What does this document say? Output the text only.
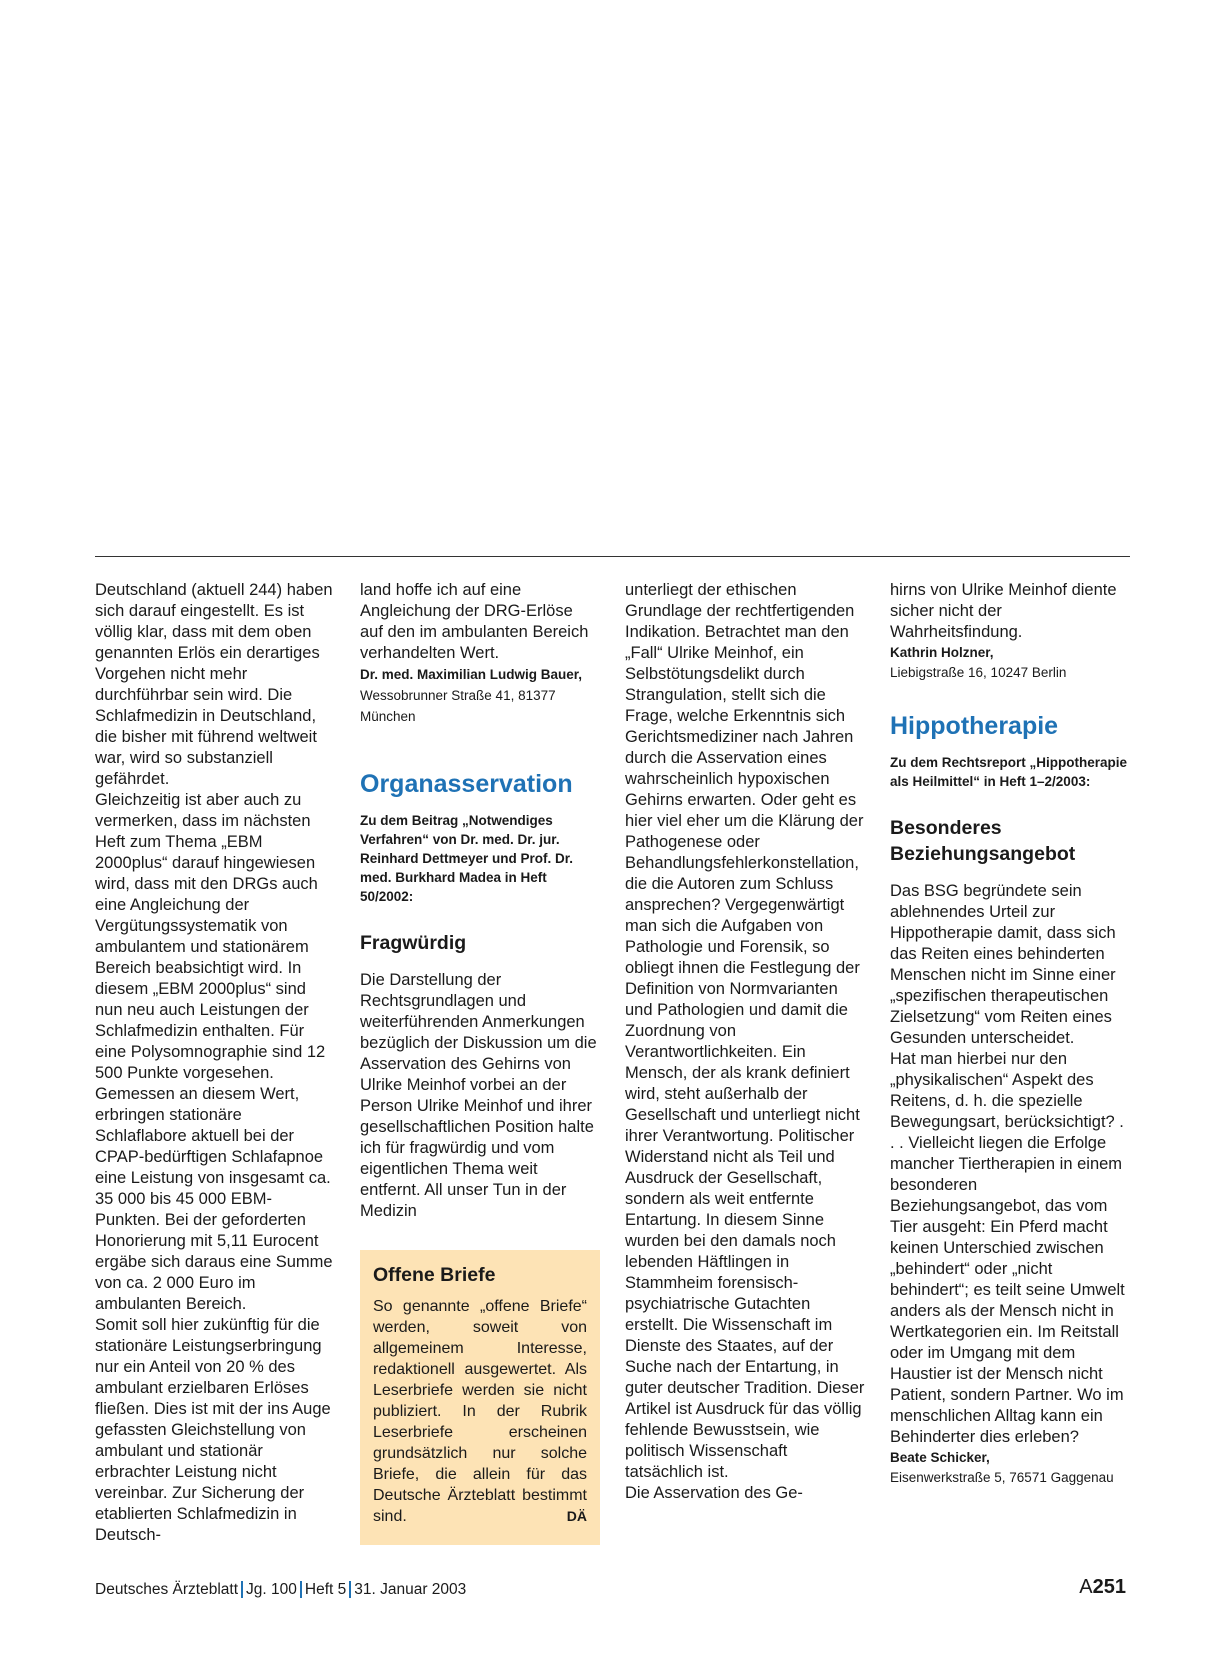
Deutschland (aktuell 244) haben sich darauf eingestellt. Es ist völlig klar, dass mit dem oben genannten Erlös ein derartiges Vorgehen nicht mehr durchführbar sein wird. Die Schlafmedizin in Deutschland, die bisher mit führend weltweit war, wird so substanziell gefährdet.

Gleichzeitig ist aber auch zu vermerken, dass im nächsten Heft zum Thema „EBM 2000plus“ darauf hingewiesen wird, dass mit den DRGs auch eine Angleichung der Vergütungssystematik von ambulantem und stationärem Bereich beabsichtigt wird. In diesem „EBM 2000plus“ sind nun neu auch Leistungen der Schlafmedizin enthalten. Für eine Polysomnographie sind 12 500 Punkte vorgesehen. Gemessen an diesem Wert, erbringen stationäre Schlaflabore aktuell bei der CPAP-bedürftigen Schlafapnoe eine Leistung von insgesamt ca. 35 000 bis 45 000 EBM-Punkten. Bei der geforderten Honorierung mit 5,11 Eurocent ergäbe sich daraus eine Summe von ca. 2 000 Euro im ambulanten Bereich.

Somit soll hier zukünftig für die stationäre Leistungserbringung nur ein Anteil von 20 % des ambulant erzielbaren Erlöses fließen. Dies ist mit der ins Auge gefassten Gleichstellung von ambulant und stationär erbrachter Leistung nicht vereinbar. Zur Sicherung der etablierten Schlafmedizin in Deutsch-

land hoffe ich auf eine Angleichung der DRG-Erlöse auf den im ambulanten Bereich verhandelten Wert.

Dr. med. Maximilian Ludwig Bauer, Wessobrunner Straße 41, 81377 München
Organasservation

Zu dem Beitrag „Notwendiges Verfahren“ von Dr. med. Dr. jur. Reinhard Dettmeyer und Prof. Dr. med. Burkhard Madea in Heft 50/2002:

Fragwürdig

Die Darstellung der Rechtsgrundlagen und weiterführenden Anmerkungen bezüglich der Diskussion um die Asservation des Gehirns von Ulrike Meinhof vorbei an der Person Ulrike Meinhof und ihrer gesellschaftlichen Position halte ich für fragwürdig und vom eigentlichen Thema weit entfernt. All unser Tun in der Medizin

Offene Briefe

So genannte „offene Briefe“ werden, soweit von allgemeinem Interesse, redaktionell ausgewertet. Als Leserbriefe werden sie nicht publiziert. In der Rubrik Leserbriefe erscheinen grundsätzlich nur solche Briefe, die allein für das Deutsche Ärzteblatt bestimmt sind.	DÄ

unterliegt der ethischen Grundlage der rechtfertigenden Indikation. Betrachtet man den „Fall“ Ulrike Meinhof, ein Selbstötungsdelikt durch Strangulation, stellt sich die Frage, welche Erkenntnis sich Gerichtsmediziner nach Jahren durch die Asservation eines wahrscheinlich hypoxischen Gehirns erwarten. Oder geht es hier viel eher um die Klärung der Pathogenese oder Behandlungsfehlerkonstellation, die die Autoren zum Schluss ansprechen? Vergegenwärtigt man sich die Aufgaben von Pathologie und Forensik, so obliegt ihnen die Festlegung der Definition von Normvarianten und Pathologien und damit die Zuordnung von Verantwortlichkeiten. Ein Mensch, der als krank definiert wird, steht außerhalb der Gesellschaft und unterliegt nicht ihrer Verantwortung. Politischer Widerstand nicht als Teil und Ausdruck der Gesellschaft, sondern als weit entfernte Entartung. In diesem Sinne wurden bei den damals noch lebenden Häftlingen in Stammheim forensisch-psychiatrische Gutachten erstellt. Die Wissenschaft im Dienste des Staates, auf der Suche nach der Entartung, in guter deutscher Tradition. Dieser Artikel ist Ausdruck für das völlig fehlende Bewusstsein, wie politisch Wissenschaft tatsächlich ist.

Die Asservation des Ge-

hirns von Ulrike Meinhof diente sicher nicht der Wahrheitsfindung.

Kathrin Holzner,
Liebigstraße 16, 10247 Berlin
Hippotherapie

Zu dem Rechtsreport „Hippotherapie als Heilmittel“ in Heft 1–2/2003:

Besonderes Beziehungsangebot

Das BSG begründete sein ablehnendes Urteil zur Hippotherapie damit, dass sich das Reiten eines behinderten Menschen nicht im Sinne einer „spezifischen therapeutischen Zielsetzung“ vom Reiten eines Gesunden unterscheidet.

Hat man hierbei nur den „physikalischen“ Aspekt des Reitens, d. h. die spezielle Bewegungsart, berücksichtigt? . . . Vielleicht liegen die Erfolge mancher Tiertherapien in einem besonderen Beziehungsangebot, das vom Tier ausgeht: Ein Pferd macht keinen Unterschied zwischen „behindert“ oder „nicht behindert“; es teilt seine Umwelt anders als der Mensch nicht in Wertkategorien ein. Im Reitstall oder im Umgang mit dem Haustier ist der Mensch nicht Patient, sondern Partner. Wo im menschlichen Alltag kann ein Behinderter dies erleben?

Beate Schicker,
Eisenwerkstraße 5, 76571 Gaggenau
Deutsches Ärzteblatt Jg. 100 Heft 5 31. Januar 2003	A251
